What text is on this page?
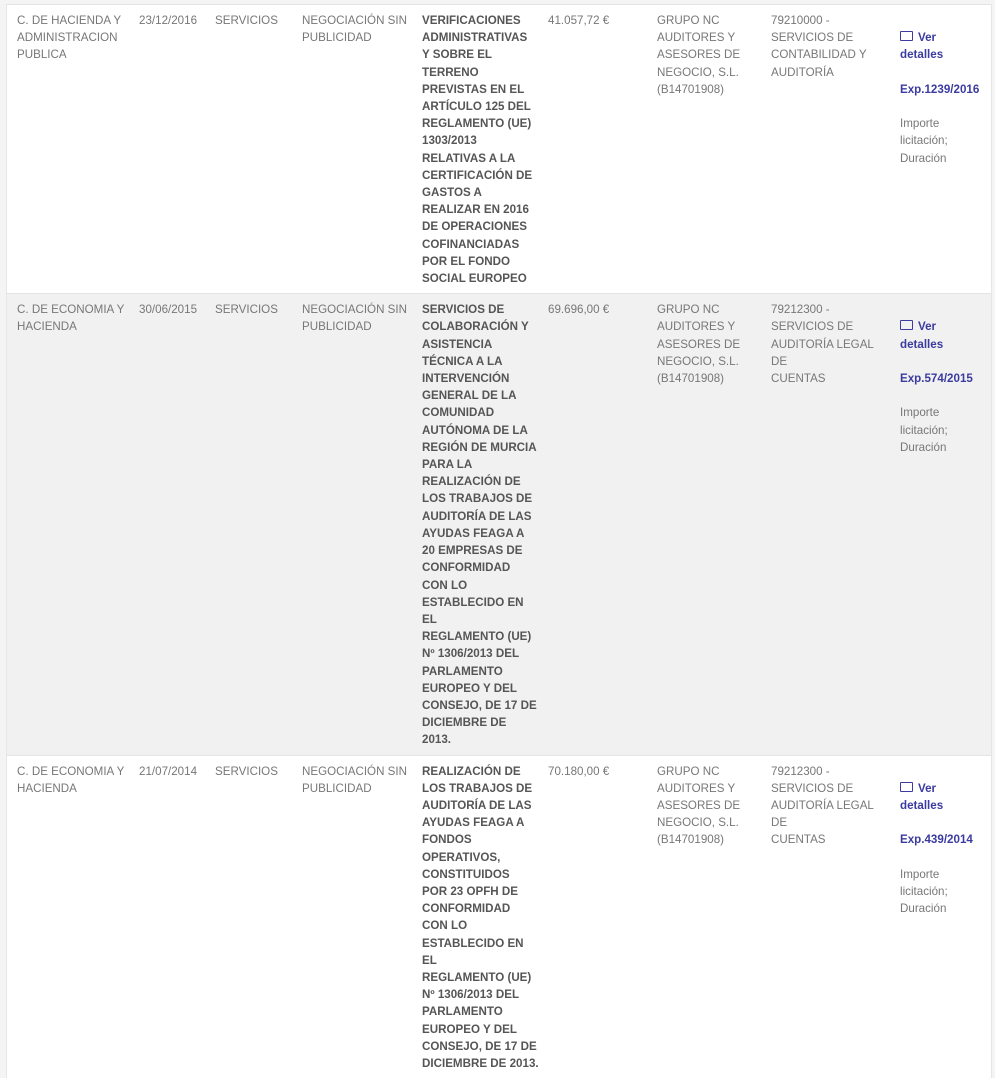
C. DE HACIENDA Y
ADMINISTRACION
PUBLICA	23/12/2016	SERVICIOS	NEGOCIACIÓN SIN
PUBLICIDAD	VERIFICACIONES
ADMINISTRATIVAS
Y SOBRE EL
TERRENO
PREVISTAS EN EL
ARTÍCULO 125 DEL
REGLAMENTO (UE)
1303/2013
RELATIVAS A LA
CERTIFICACIÓN DE
GASTOS A
REALIZAR EN 2016
DE OPERACIONES
COFINANCIADAS
POR EL FONDO
SOCIAL EUROPEO	41.057,72 €	GRUPO NC
AUDITORES Y
ASESORES DE
NEGOCIO, S.L.
(B14701908)	79210000 -
SERVICIOS DE
CONTABILIDAD Y
AUDITORÍA	

Ver
detalles

Exp.1239/2016

Importe
licitación;
Duración

C. DE ECONOMIA Y
HACIENDA	30/06/2015	SERVICIOS	NEGOCIACIÓN SIN
PUBLICIDAD	SERVICIOS DE
COLABORACIÓN Y
ASISTENCIA
TÉCNICA A LA
INTERVENCIÓN
GENERAL DE LA
COMUNIDAD
AUTÓNOMA DE LA
REGIÓN DE MURCIA
PARA LA
REALIZACIÓN DE
LOS TRABAJOS DE
AUDITORÍA DE LAS
AYUDAS FEAGA A
20 EMPRESAS DE
CONFORMIDAD
CON LO
ESTABLECIDO EN EL
REGLAMENTO (UE)
Nº 1306/2013 DEL
PARLAMENTO
EUROPEO Y DEL
CONSEJO, DE 17 DE
DICIEMBRE DE
2013.	69.696,00 €	GRUPO NC
AUDITORES Y
ASESORES DE
NEGOCIO, S.L.
(B14701908)	79212300 -
SERVICIOS DE
AUDITORÍA LEGAL DE
CUENTAS	

Ver
detalles

Exp.574/2015

Importe
licitación;
Duración

C. DE ECONOMIA Y
HACIENDA	21/07/2014	SERVICIOS	NEGOCIACIÓN SIN
PUBLICIDAD	REALIZACIÓN DE
LOS TRABAJOS DE
AUDITORÍA DE LAS
AYUDAS FEAGA A
FONDOS
OPERATIVOS,
CONSTITUIDOS
POR 23 OPFH DE
CONFORMIDAD
CON LO
ESTABLECIDO EN EL
REGLAMENTO (UE)
Nº 1306/2013 DEL
PARLAMENTO
EUROPEO Y DEL
CONSEJO, DE 17 DE
DICIEMBRE DE 2013.	70.180,00 €	GRUPO NC
AUDITORES Y
ASESORES DE
NEGOCIO, S.L.
(B14701908)	79212300 -
SERVICIOS DE
AUDITORÍA LEGAL DE
CUENTAS	

Ver
detalles

Exp.439/2014

Importe
licitación;
Duración
